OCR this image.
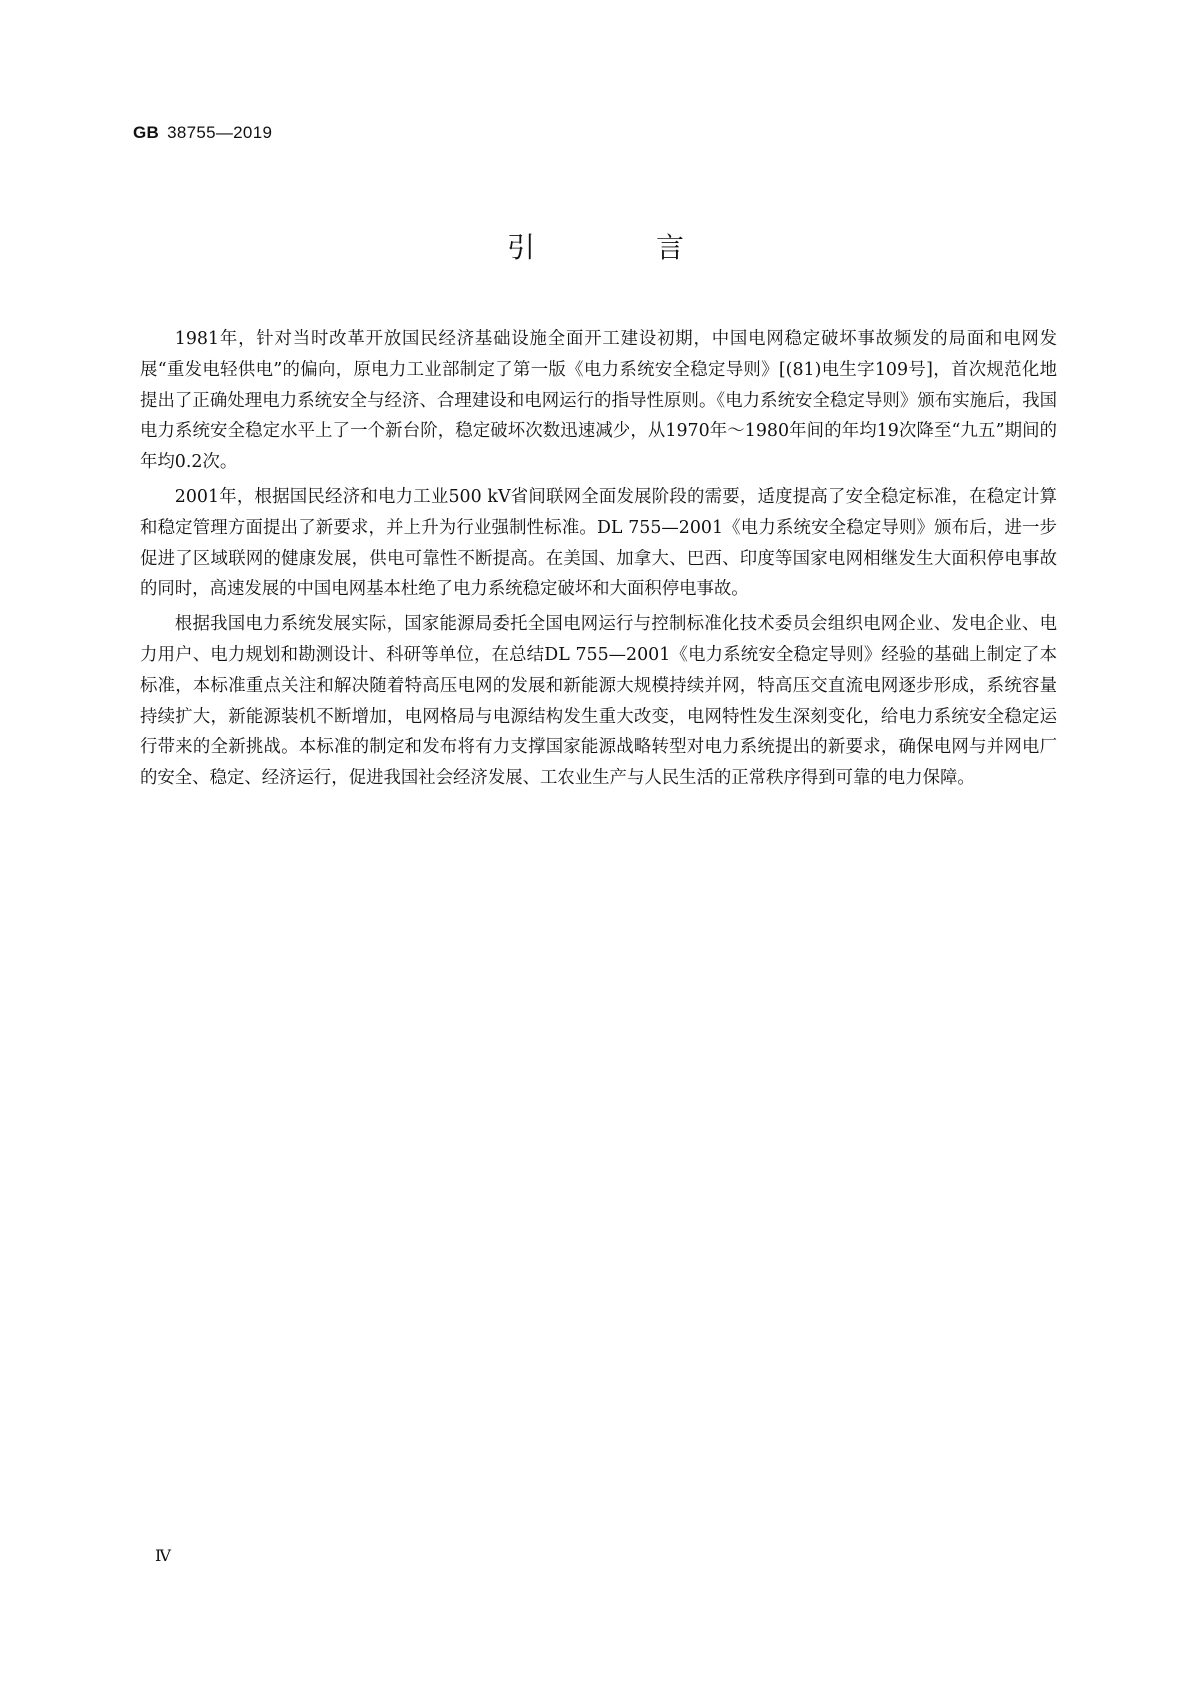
GB 38755—2019
引 言

1981年，针对当时改革开放国民经济基础设施全面开工建设初期，中国电网稳定破坏事故频发的局面和电网发展“重发电轻供电”的偏向，原电力工业部制定了第一版《电力系统安全稳定导则》[(81)电生字109号]，首次规范化地提出了正确处理电力系统安全与经济、合理建设和电网运行的指导性原则。《电力系统安全稳定导则》颁布实施后，我国电力系统安全稳定水平上了一个新台阶，稳定破坏次数迅速减少，从1970年～1980年间的年均19次降至“九五”期间的年均0.2次。

2001年，根据国民经济和电力工业500 kV省间联网全面发展阶段的需要，适度提高了安全稳定标准，在稳定计算和稳定管理方面提出了新要求，并上升为行业强制性标准。DL 755—2001《电力系统安全稳定导则》颁布后，进一步促进了区域联网的健康发展，供电可靠性不断提高。在美国、加拿大、巴西、印度等国家电网相继发生大面积停电事故的同时，高速发展的中国电网基本杜绝了电力系统稳定破坏和大面积停电事故。

根据我国电力系统发展实际，国家能源局委托全国电网运行与控制标准化技术委员会组织电网企业、发电企业、电力用户、电力规划和勘测设计、科研等单位，在总结DL 755—2001《电力系统安全稳定导则》经验的基础上制定了本标准，本标准重点关注和解决随着特高压电网的发展和新能源大规模持续并网，特高压交直流电网逐步形成，系统容量持续扩大，新能源装机不断增加，电网格局与电源结构发生重大改变，电网特性发生深刻变化，给电力系统安全稳定运行带来的全新挑战。本标准的制定和发布将有力支撑国家能源战略转型对电力系统提出的新要求，确保电网与并网电厂的安全、稳定、经济运行，促进我国社会经济发展、工农业生产与人民生活的正常秩序得到可靠的电力保障。

Ⅳ
